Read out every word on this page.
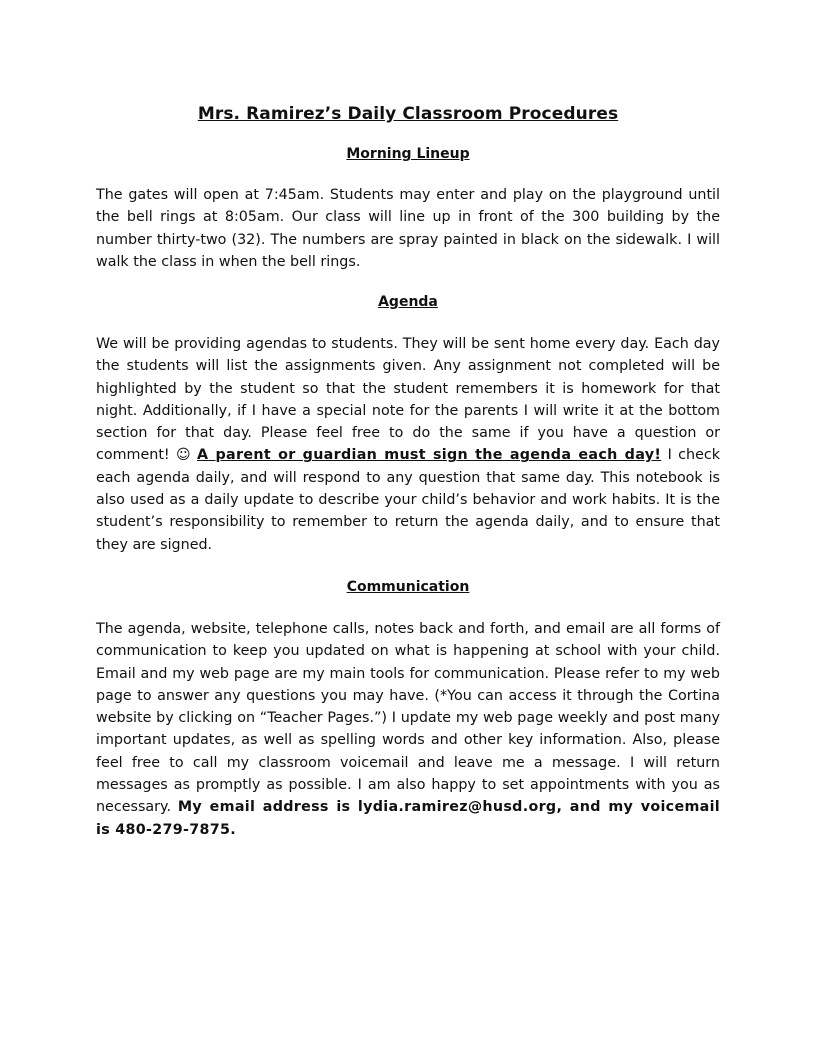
Mrs. Ramirez’s Daily Classroom Procedures
Morning Lineup
The gates will open at 7:45am. Students may enter and play on the playground until the bell rings at 8:05am. Our class will line up in front of the 300 building by the number thirty-two (32). The numbers are spray painted in black on the sidewalk. I will walk the class in when the bell rings.
Agenda
We will be providing agendas to students. They will be sent home every day. Each day the students will list the assignments given. Any assignment not completed will be highlighted by the student so that the student remembers it is homework for that night. Additionally, if I have a special note for the parents I will write it at the bottom section for that day. Please feel free to do the same if you have a question or comment! ☺ A parent or guardian must sign the agenda each day! I check each agenda daily, and will respond to any question that same day. This notebook is also used as a daily update to describe your child’s behavior and work habits. It is the student’s responsibility to remember to return the agenda daily, and to ensure that they are signed.
Communication
The agenda, website, telephone calls, notes back and forth, and email are all forms of communication to keep you updated on what is happening at school with your child. Email and my web page are my main tools for communication. Please refer to my web page to answer any questions you may have. (*You can access it through the Cortina website by clicking on “Teacher Pages.”) I update my web page weekly and post many important updates, as well as spelling words and other key information. Also, please feel free to call my classroom voicemail and leave me a message. I will return messages as promptly as possible. I am also happy to set appointments with you as necessary. My email address is lydia.ramirez@husd.org, and my voicemail is 480-279-7875.
